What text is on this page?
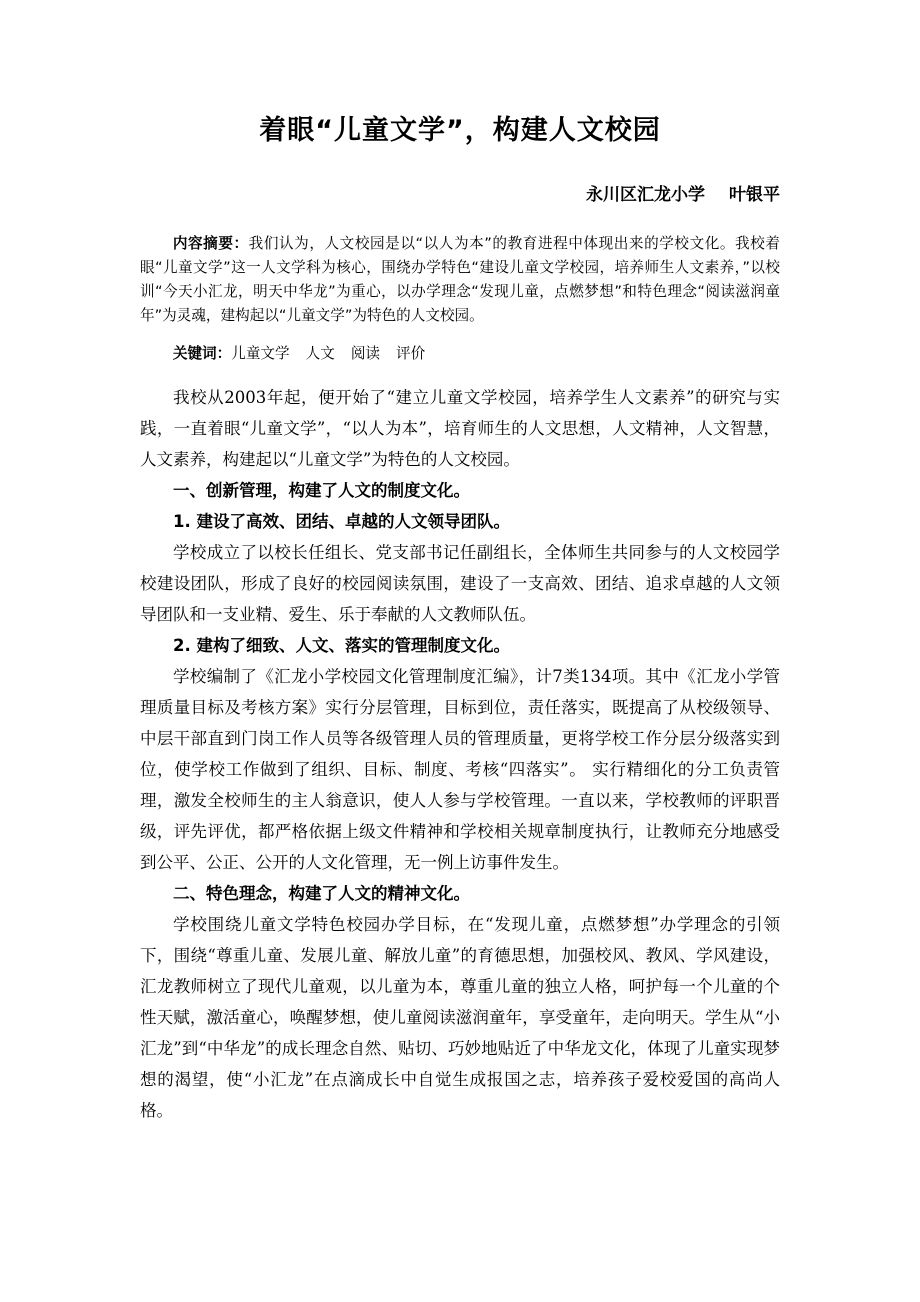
着眼“儿童文学”，构建人文校园
永川区汇龙小学 叶银平
内容摘要：我们认为，人文校园是以“以人为本”的教育进程中体现出来的学校文化。我校着眼“儿童文学”这一人文学科为核心，围绕办学特色“建设儿童文学校园，培养师生人文素养，”以校训“今天小汇龙，明天中华龙”为重心，以办学理念“发现儿童，点燃梦想”和特色理念“阅读滋润童年”为灵魂，建构起以“儿童文学”为特色的人文校园。
关键词：儿童文学 人文 阅读 评价

我校从2003年起，便开始了“建立儿童文学校园，培养学生人文素养”的研究与实践，一直着眼“儿童文学”，“以人为本”，培育师生的人文思想，人文精神，人文智慧，人文素养，构建起以“儿童文学”为特色的人文校园。

一、创新管理，构建了人文的制度文化。
1. 建设了高效、团结、卓越的人文领导团队。

学校成立了以校长任组长、党支部书记任副组长，全体师生共同参与的人文校园学校建设团队，形成了良好的校园阅读氛围，建设了一支高效、团结、追求卓越的人文领导团队和一支业精、爱生、乐于奉献的人文教师队伍。

2. 建构了细致、人文、落实的管理制度文化。

学校编制了《汇龙小学校园文化管理制度汇编》，计7类134项。其中《汇龙小学管理质量目标及考核方案》实行分层管理，目标到位，责任落实，既提高了从校级领导、中层干部直到门岗工作人员等各级管理人员的管理质量，更将学校工作分层分级落实到位，使学校工作做到了组织、目标、制度、考核“四落实”。 实行精细化的分工负责管理，激发全校师生的主人翁意识，使人人参与学校管理。一直以来，学校教师的评职晋级，评先评优，都严格依据上级文件精神和学校相关规章制度执行，让教师充分地感受到公平、公正、公开的人文化管理，无一例上访事件发生。

二、特色理念，构建了人文的精神文化。

学校围绕儿童文学特色校园办学目标，在“发现儿童，点燃梦想”办学理念的引领下，围绕“尊重儿童、发展儿童、解放儿童”的育德思想，加强校风、教风、学风建设，汇龙教师树立了现代儿童观，以儿童为本，尊重儿童的独立人格，呵护每一个儿童的个性天赋，激活童心，唤醒梦想，使儿童阅读滋润童年，享受童年，走向明天。学生从“小汇龙”到“中华龙”的成长理念自然、贴切、巧妙地贴近了中华龙文化，体现了儿童实现梦想的渴望，使“小汇龙”在点滴成长中自觉生成报国之志，培养孩子爱校爱国的高尚人格。
